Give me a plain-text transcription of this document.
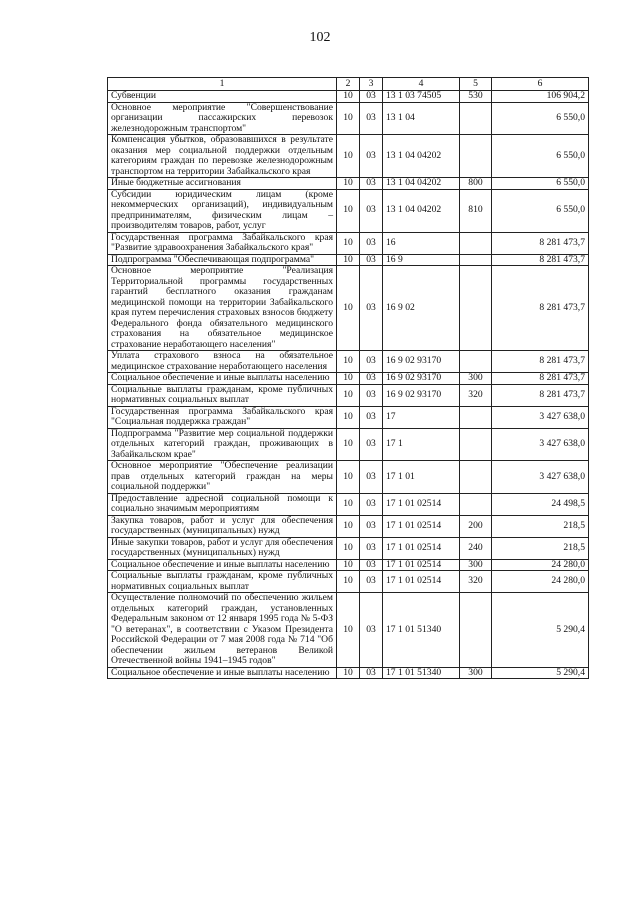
102
1	2	3	4	5	6
Субвенции	10	03	13 1 03 74505	530	106 904,2
Основное мероприятие "Совершенствование организации пассажирских перевозок железнодорожным транспортом"	10	03	13 1 04		6 550,0
Компенсация убытков, образовавшихся в результате оказания мер социальной поддержки отдельным категориям граждан по перевозке железнодорожным транспортом на территории Забайкальского края	10	03	13 1 04 04202		6 550,0
Иные бюджетные ассигнования	10	03	13 1 04 04202	800	6 550,0
Субсидии юридическим лицам (кроме некоммерческих организаций), индивидуальным предпринимателям, физическим лицам – производителям товаров, работ, услуг	10	03	13 1 04 04202	810	6 550,0
Государственная программа Забайкальского края "Развитие здравоохранения Забайкальского края"	10	03	16		8 281 473,7
Подпрограмма "Обеспечивающая подпрограмма"	10	03	16 9		8 281 473,7
Основное мероприятие "Реализация Территориальной программы государственных гарантий бесплатного оказания гражданам медицинской помощи на территории Забайкальского края путем перечисления страховых взносов бюджету Федерального фонда обязательного медицинского страхования на обязательное медицинское страхование неработающего населения"	10	03	16 9 02		8 281 473,7
Уплата страхового взноса на обязательное медицинское страхование неработающего населения	10	03	16 9 02 93170		8 281 473,7
Социальное обеспечение и иные выплаты населению	10	03	16 9 02 93170	300	8 281 473,7
Социальные выплаты гражданам, кроме публичных нормативных социальных выплат	10	03	16 9 02 93170	320	8 281 473,7
Государственная программа Забайкальского края "Социальная поддержка граждан"	10	03	17		3 427 638,0
Подпрограмма "Развитие мер социальной поддержки отдельных категорий граждан, проживающих в Забайкальском крае"	10	03	17 1		3 427 638,0
Основное мероприятие "Обеспечение реализации прав отдельных категорий граждан на меры социальной поддержки"	10	03	17 1 01		3 427 638,0
Предоставление адресной социальной помощи к социально значимым мероприятиям	10	03	17 1 01 02514		24 498,5
Закупка товаров, работ и услуг для обеспечения государственных (муниципальных) нужд	10	03	17 1 01 02514	200	218,5
Иные закупки товаров, работ и услуг для обеспечения государственных (муниципальных) нужд	10	03	17 1 01 02514	240	218,5
Социальное обеспечение и иные выплаты населению	10	03	17 1 01 02514	300	24 280,0
Социальные выплаты гражданам, кроме публичных нормативных социальных выплат	10	03	17 1 01 02514	320	24 280,0
Осуществление полномочий по обеспечению жильем отдельных категорий граждан, установленных Федеральным законом от 12 января 1995 года № 5-ФЗ "О ветеранах", в соответствии с Указом Президента Российской Федерации от 7 мая 2008 года № 714 "Об обеспечении жильем ветеранов Великой Отечественной войны 1941–1945 годов"	10	03	17 1 01 51340		5 290,4
Социальное обеспечение и иные выплаты населению	10	03	17 1 01 51340	300	5 290,4
